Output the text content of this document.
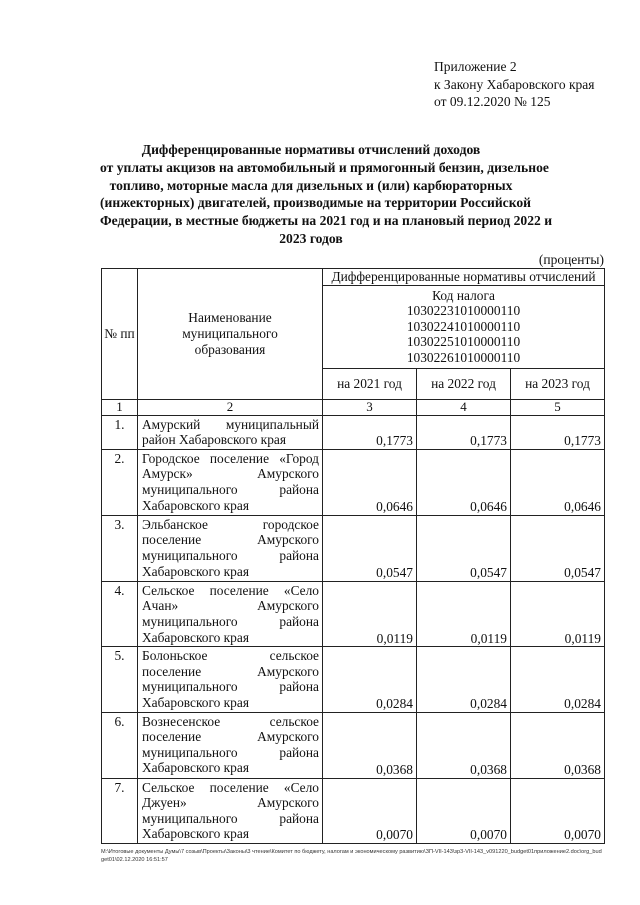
Приложение 2
к Закону Хабаровского края
от 09.12.2020 № 125
Дифференцированные нормативы отчислений доходов
от уплаты акцизов на автомобильный и прямогонный бензин, дизельное
топливо, моторные масла для дизельных и (или) карбюраторных
(инжекторных) двигателей, производимые на территории Российской
Федерации, в местные бюджеты на 2021 год и на плановый период 2022 и
2023 годов
(проценты)
№ пп	Наименование муниципального образования	Дифференцированные нормативы отчислений		

		Код налога
10302231010000110
10302241010000110
10302251010000110
10302261010000110		

		на 2021 год	на 2022 год	на 2023 год
1	2	3	4	5
1.	Амурский муниципальный район Хабаровского края	0,1773	0,1773	0,1773
2.	Городское поселение «Город Амурск» Амурского муниципального района Хабаровского края	0,0646	0,0646	0,0646
3.	Эльбанское городское поселение Амурского муниципального района Хабаровского края	0,0547	0,0547	0,0547
4.	Сельское поселение «Село Ачан» Амурского муниципального района Хабаровского края	0,0119	0,0119	0,0119
5.	Болоньское сельское поселение Амурского муниципального района Хабаровского края	0,0284	0,0284	0,0284
6.	Вознесенское сельское поселение Амурского муниципального района Хабаровского края	0,0368	0,0368	0,0368
7.	Сельское поселение «Село Джуен» Амурского муниципального района Хабаровского края	0,0070	0,0070	0,0070
M:\Итоговые документы Думы\7 созыв\Проекты\Законы\3 чтение\Комитет по бюджету, налогам и экономическому развитию\ЗП-VII-143\зр3-VII-143_v091220_budget01приложение2.doc\org_budget01\02.12.2020 16:51:57
